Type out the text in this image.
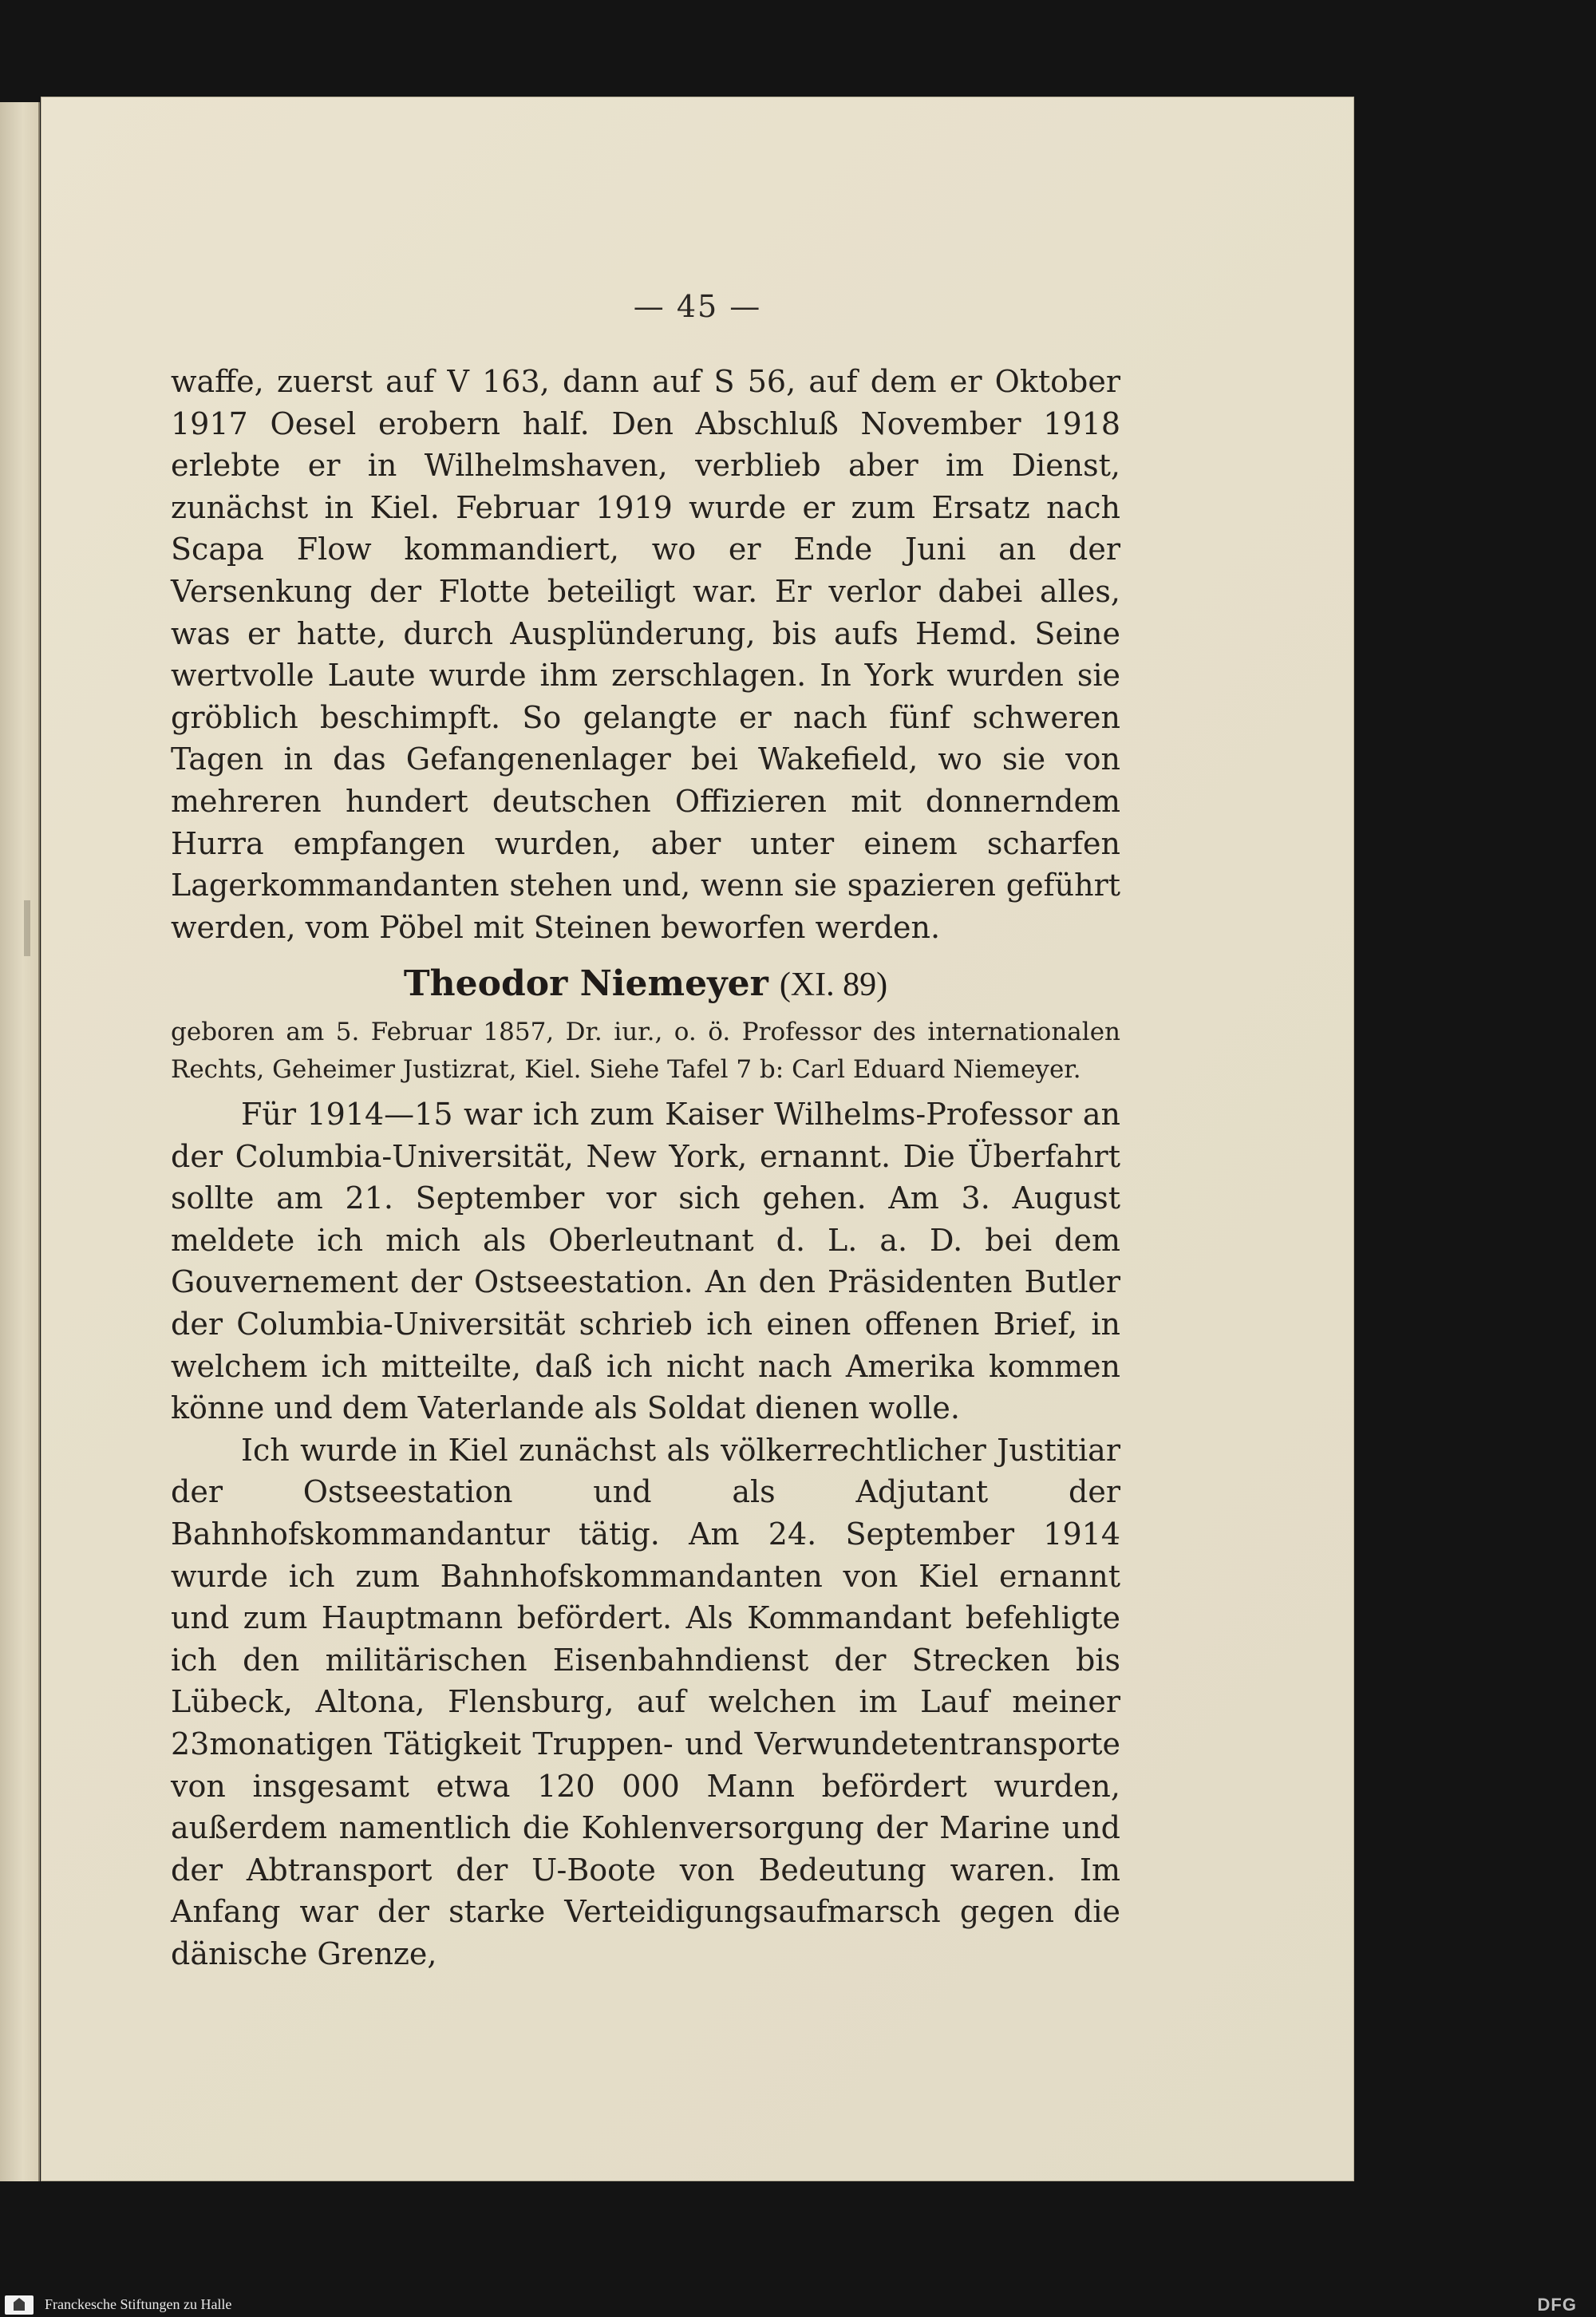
— 45 —

waffe, zuerst auf V 163, dann auf S 56, auf dem er Oktober 1917 Oesel erobern half. Den Abschluß November 1918 erlebte er in Wilhelmshaven, verblieb aber im Dienst, zunächst in Kiel. Februar 1919 wurde er zum Ersatz nach Scapa Flow kommandiert, wo er Ende Juni an der Versenkung der Flotte beteiligt war. Er verlor dabei alles, was er hatte, durch Ausplünderung, bis aufs Hemd. Seine wertvolle Laute wurde ihm zerschlagen. In York wurden sie gröblich beschimpft. So gelangte er nach fünf schweren Tagen in das Gefangenenlager bei Wakefield, wo sie von mehreren hundert deutschen Offizieren mit donnerndem Hurra empfangen wurden, aber unter einem scharfen Lagerkommandanten stehen und, wenn sie spazieren geführt werden, vom Pöbel mit Steinen beworfen werden.

Theodor Niemeyer (XI. 89)
geboren am 5. Februar 1857, Dr. iur., o. ö. Professor des internationalen Rechts, Geheimer Justizrat, Kiel. Siehe Tafel 7 b: Carl Eduard Niemeyer.

Für 1914—15 war ich zum Kaiser Wilhelms-Professor an der Columbia-Universität, New York, ernannt. Die Überfahrt sollte am 21. September vor sich gehen. Am 3. August meldete ich mich als Oberleutnant d. L. a. D. bei dem Gouvernement der Ostseestation. An den Präsidenten Butler der Columbia-Universität schrieb ich einen offenen Brief, in welchem ich mitteilte, daß ich nicht nach Amerika kommen könne und dem Vaterlande als Soldat dienen wolle.

Ich wurde in Kiel zunächst als völkerrechtlicher Justitiar der Ostseestation und als Adjutant der Bahnhofskommandantur tätig. Am 24. September 1914 wurde ich zum Bahnhofskommandanten von Kiel ernannt und zum Hauptmann befördert. Als Kommandant befehligte ich den militärischen Eisenbahndienst der Strecken bis Lübeck, Altona, Flensburg, auf welchen im Lauf meiner 23monatigen Tätigkeit Truppen- und Verwundetentransporte von insgesamt etwa 120 000 Mann befördert wurden, außerdem namentlich die Kohlenversorgung der Marine und der Abtransport der U-Boote von Bedeutung waren. Im Anfang war der starke Verteidigungsaufmarsch gegen die dänische Grenze,

Franckesche Stiftungen zu Halle	DFG
